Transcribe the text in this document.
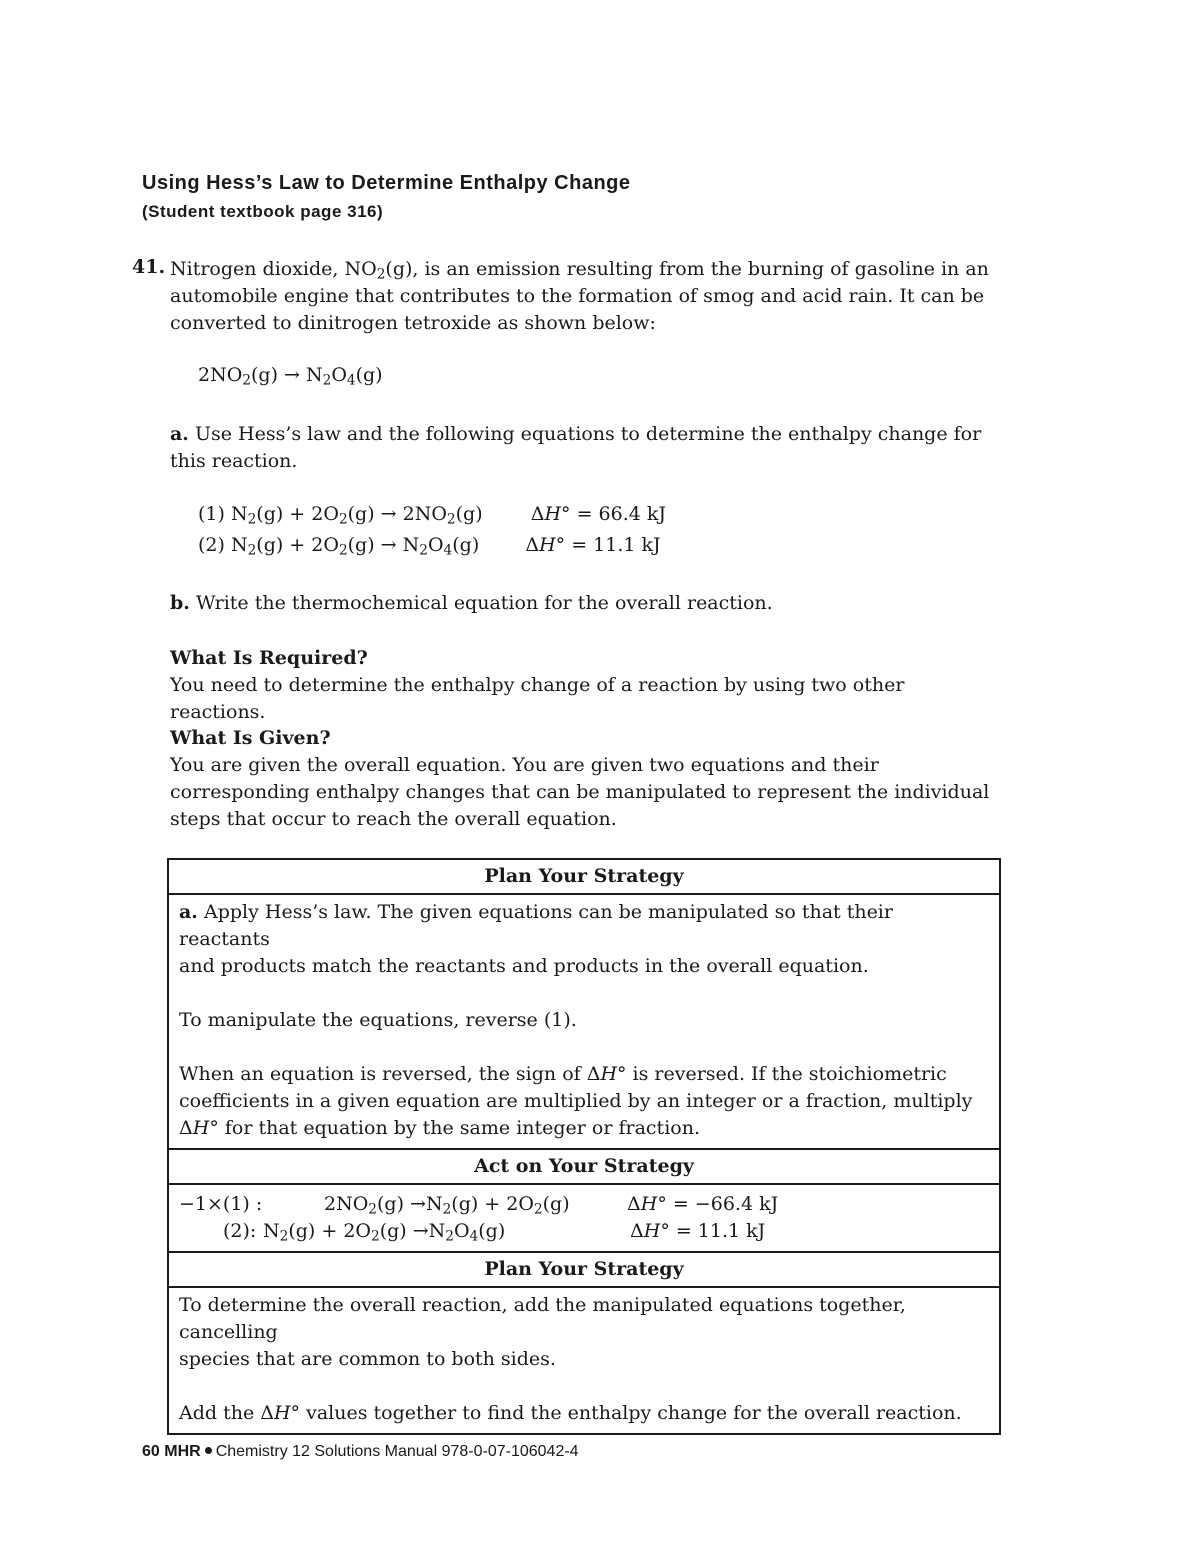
Using Hess’s Law to Determine Enthalpy Change
(Student textbook page 316)
41. Nitrogen dioxide, $NO_2(g)$, is an emission resulting from the burning of gasoline in an
automobile engine that contributes to the formation of smog and acid rain. It can be
converted to dinitrogen tetroxide as shown below:
$2NO_2(g) \to N_2O_4(g)$
a. Use Hess’s law and the following equations to determine the enthalpy change for
this reaction.
(1) $N_2(g) + 2O_2(g) \to 2NO_2(g)$	ΔH° = 66.4 kJ
(2) $N_2(g) + 2O_2(g) \to N_2O_4(g) \Delta H^\circ = 11.1$ kJ
b. Write the thermochemical equation for the overall reaction.
What Is Required?
You need to determine the enthalpy change of a reaction by using two other reactions.
What Is Given?
You are given the overall equation. You are given two equations and their
corresponding enthalpy changes that can be manipulated to represent the individual
steps that occur to reach the overall equation.
Plan Your Strategy

a. Apply Hess’s law. The given equations can be manipulated so that their reactants
and products match the reactants and products in the overall equation.
To manipulate the equations, reverse (1).
When an equation is reversed, the sign of ΔH° is reversed. If the stoichiometric
coefficients in a given equation are multiplied by an integer or a fraction, multiply
ΔH° for that equation by the same integer or fraction.

Act on Your Strategy

−1×(1) :	$2NO_2(g) \to N_2(g) + 2O_2(g)$	ΔH° = −66.4 kJ
(2): $N_2(g) + 2O_2(g) \to N_2O_4(g)$	ΔH° = 11.1 kJ

Plan Your Strategy

To determine the overall reaction, add the manipulated equations together, cancelling
species that are common to both sides.
Add the ΔH° values together to find the enthalpy change for the overall reaction.
60 MHR Chemistry 12 Solutions Manual 978-0-07-106042-4
